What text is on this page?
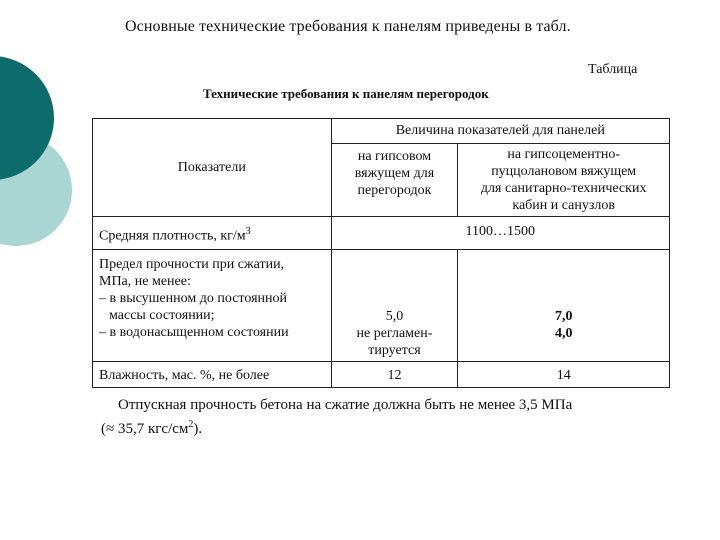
Основные технические требования к панелям приведены в табл.
Таблица
Технические требования к панелям перегородок
Показатели	Величина показателей для панелей	

	на гипсовом
вяжущем для
перегородок	на гипсоцементно-
пуццолановом вяжущем
для санитарно-технических
кабин и санузлов

Средняя плотность, $кг/м^3$	1100…1500	

Предел прочности при сжатии,
МПа, не менее:
– в высушенном до постоянной
массы состоянии;
– в водонасыщенном состоянии	5,0
не регламен-
тируется	7,0
4,0

Влажность, мас. %, не более	12	14
Отпускная прочность бетона на сжатие должна быть не менее 3,5 МПа
(≈ 35,7 кгс/$см^2$).
